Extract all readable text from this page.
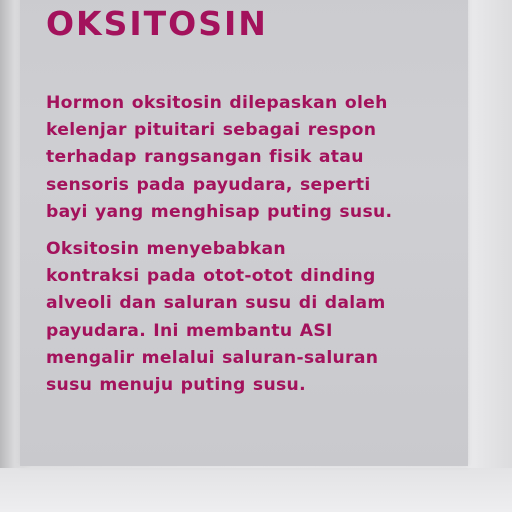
OKSITOSIN

Hormon oksitosin dilepaskan oleh
kelenjar pituitari sebagai respon
terhadap rangsangan fisik atau
sensoris pada payudara, seperti
bayi yang menghisap puting susu.

Oksitosin menyebabkan
kontraksi pada otot-otot dinding
alveoli dan saluran susu di dalam
payudara. Ini membantu ASI
mengalir melalui saluran-saluran
susu menuju puting susu.
